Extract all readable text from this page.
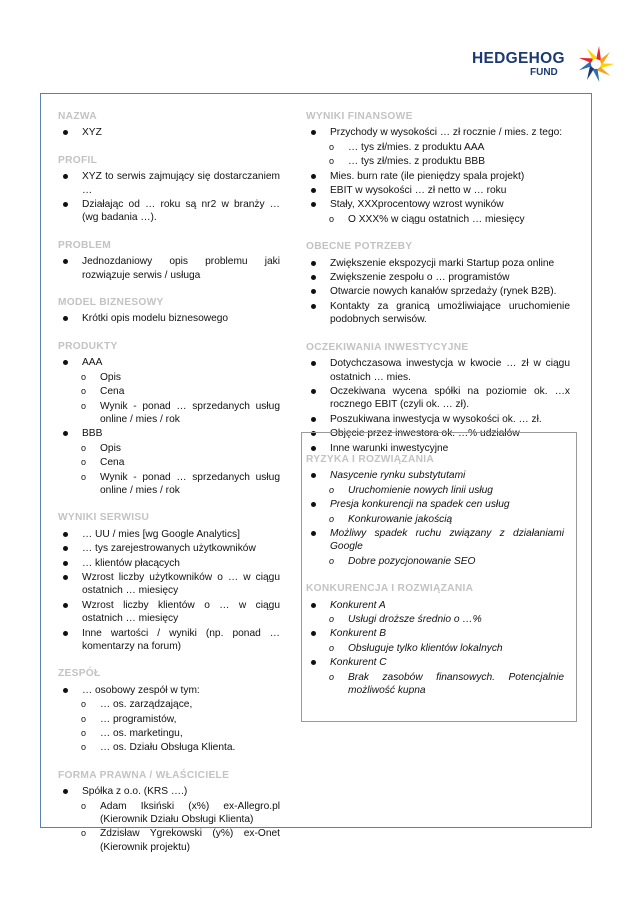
HEDGEHOG
FUND
NAZWA
XYZ
PROFIL
XYZ to serwis zajmujący się dostarczaniem …
Działając od … roku są nr2 w branży … (wg badania …).
PROBLEM
Jednozdaniowy opis problemu jaki rozwiązuje serwis / usługa
MODEL BIZNESOWY
Krótki opis modelu biznesowego
PRODUKTY
AAA
o Opis
o Cena
o Wynik - ponad … sprzedanych usług online / mies / rok
BBB
o Opis
o Cena
o Wynik - ponad … sprzedanych usług online / mies / rok
WYNIKI SERWISU
… UU / mies [wg Google Analytics]
… tys zarejestrowanych użytkowników
… klientów płacących
Wzrost liczby użytkowników o … w ciągu ostatnich … miesięcy
Wzrost liczby klientów o … w ciągu ostatnich … miesięcy
Inne wartości / wyniki (np. ponad … komentarzy na forum)
ZESPÓŁ
… osobowy zespół w tym:
o … os. zarządzające,
o … programistów,
o … os. marketingu,
o … os. Działu Obsługa Klienta.
FORMA PRAWNA / WŁAŚCICIELE
Spółka z o.o. (KRS ….)
o Adam Iksiński (x%) ex-Allegro.pl (Kierownik Działu Obsługi Klienta)
o Zdzisław Ygrekowski (y%) ex-Onet (Kierownik projektu)
WYNIKI FINANSOWE
Przychody w wysokości … zł rocznie / mies. z tego:
o … tys zł/mies. z produktu AAA
o … tys zł/mies. z produktu BBB
Mies. burn rate (ile pieniędzy spala projekt)
EBIT w wysokości … zł netto w … roku
Stały, XXXprocentowy wzrost wyników
o O XXX% w ciągu ostatnich … miesięcy
OBECNE POTRZEBY
Zwiększenie ekspozycji marki Startup poza online
Zwiększenie zespołu o … programistów
Otwarcie nowych kanałów sprzedaży (rynek B2B).
Kontakty za granicą umożliwiające uruchomienie podobnych serwisów.
OCZEKIWANIA INWESTYCYJNE
Dotychczasowa inwestycja w kwocie … zł w ciągu ostatnich … mies.
Oczekiwana wycena spółki na poziomie ok. …x rocznego EBIT (czyli ok. … zł).
Poszukiwana inwestycja w wysokości ok. … zł.
Objęcie przez inwestora ok. …% udziałów
Inne warunki inwestycyjne
RYZYKA I ROZWIĄZANIA
Nasycenie rynku substytutami
o Uruchomienie nowych linii usług
Presja konkurencji na spadek cen usług
o Konkurowanie jakością
Możliwy spadek ruchu związany z działaniami Google
o Dobre pozycjonowanie SEO
KONKURENCJA I ROZWIĄZANIA
Konkurent A
o Usługi droższe średnio o …%
Konkurent B
o Obsługuje tylko klientów lokalnych
Konkurent C
o Brak zasobów finansowych. Potencjalnie możliwość kupna
